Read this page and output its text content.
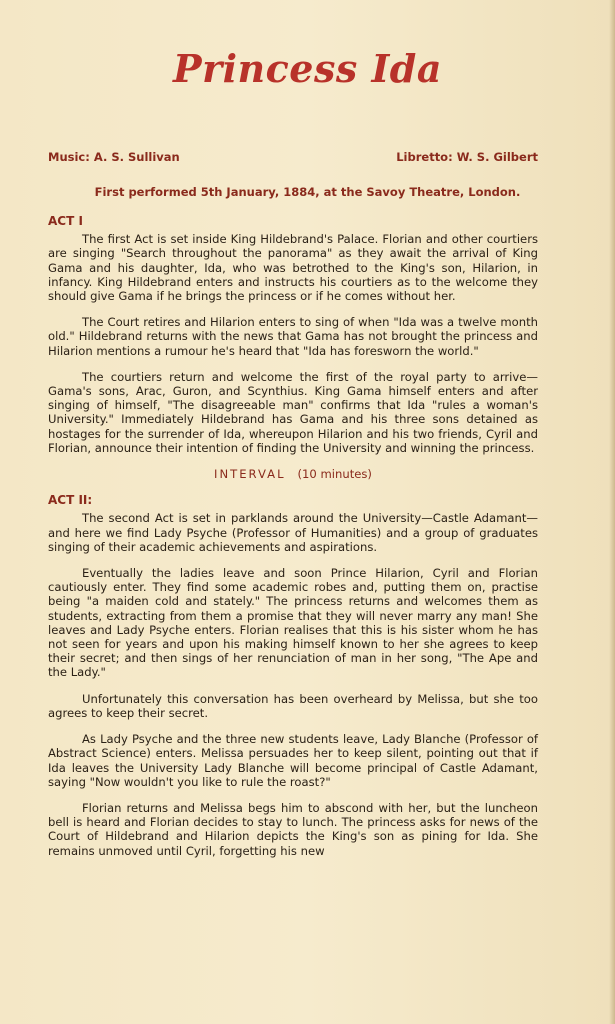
Princess Ida
Music: A. S. Sullivan	Libretto: W. S. Gilbert
First performed 5th January, 1884, at the Savoy Theatre, London.
ACT I

The first Act is set inside King Hildebrand's Palace. Florian and other courtiers are singing "Search throughout the panorama" as they await the arrival of King Gama and his daughter, Ida, who was betrothed to the King's son, Hilarion, in infancy. King Hildebrand enters and instructs his courtiers as to the welcome they should give Gama if he brings the princess or if he comes without her.

The Court retires and Hilarion enters to sing of when "Ida was a twelve month old." Hildebrand returns with the news that Gama has not brought the princess and Hilarion mentions a rumour he's heard that "Ida has foresworn the world."

The courtiers return and welcome the first of the royal party to arrive—Gama's sons, Arac, Guron, and Scynthius. King Gama himself enters and after singing of himself, "The disagreeable man" confirms that Ida "rules a woman's University." Immediately Hildebrand has Gama and his three sons detained as hostages for the surrender of Ida, whereupon Hilarion and his two friends, Cyril and Florian, announce their intention of finding the University and winning the princess.

INTERVAL (10 minutes)
ACT II:

The second Act is set in parklands around the University—Castle Adamant—and here we find Lady Psyche (Professor of Humanities) and a group of graduates singing of their academic achievements and aspirations.

Eventually the ladies leave and soon Prince Hilarion, Cyril and Florian cautiously enter. They find some academic robes and, putting them on, practise being "a maiden cold and stately." The princess returns and welcomes them as students, extracting from them a promise that they will never marry any man! She leaves and Lady Psyche enters. Florian realises that this is his sister whom he has not seen for years and upon his making himself known to her she agrees to keep their secret; and then sings of her renunciation of man in her song, "The Ape and the Lady."

Unfortunately this conversation has been overheard by Melissa, but she too agrees to keep their secret.

As Lady Psyche and the three new students leave, Lady Blanche (Professor of Abstract Science) enters. Melissa persuades her to keep silent, pointing out that if Ida leaves the University Lady Blanche will become principal of Castle Adamant, saying "Now wouldn't you like to rule the roast?"

Florian returns and Melissa begs him to abscond with her, but the luncheon bell is heard and Florian decides to stay to lunch. The princess asks for news of the Court of Hildebrand and Hilarion depicts the King's son as pining for Ida. She remains unmoved until Cyril, forgetting his new
